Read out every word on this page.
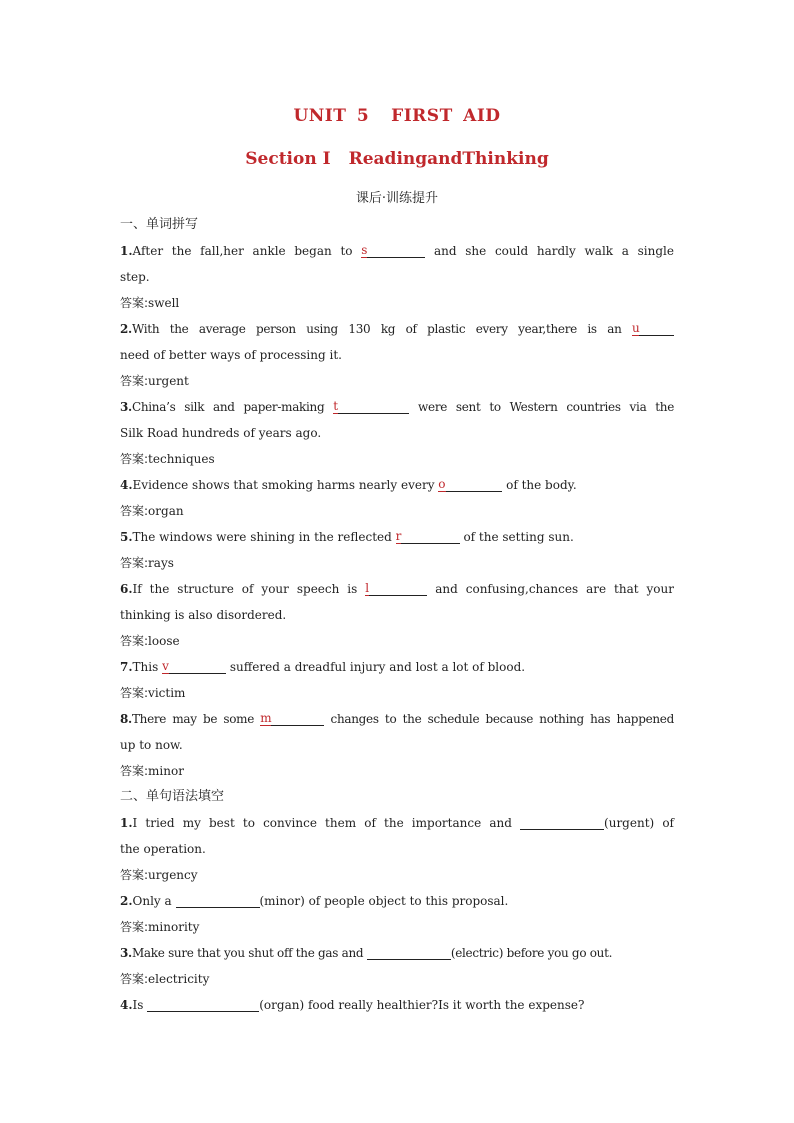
UNIT 5 FIRST AID
Section Ⅰ ReadingandThinking
课后·训练提升
一、单词拼写
1.After the fall,her ankle began to s	and she could hardly walk a single
step.
答案:swell
2.With the average person using 130 kg of plastic every year,there is an u
need of better ways of processing it.
答案:urgent
3.China’s silk and paper-making t	were sent to Western countries via the
Silk Road hundreds of years ago.
答案:techniques
4.Evidence shows that smoking harms nearly every o	of the body.
答案:organ
5.The windows were shining in the reflected r	of the setting sun.
答案:rays
6.If the structure of your speech is l	and confusing,chances are that your
thinking is also disordered.
答案:loose
7.This v	suffered a dreadful injury and lost a lot of blood.
答案:victim
8.There may be some m	changes to the schedule because nothing has happened
up to now.
答案:minor
二、单句语法填空
1.I tried my best to convince them of the importance and	(urgent) of
the operation.
答案:urgency
2.Only a	(minor) of people object to this proposal.
答案:minority
3.Make sure that you shut off the gas and	(electric) before you go out.
答案:electricity
4.Is	(organ) food really healthier?Is it worth the expense?
